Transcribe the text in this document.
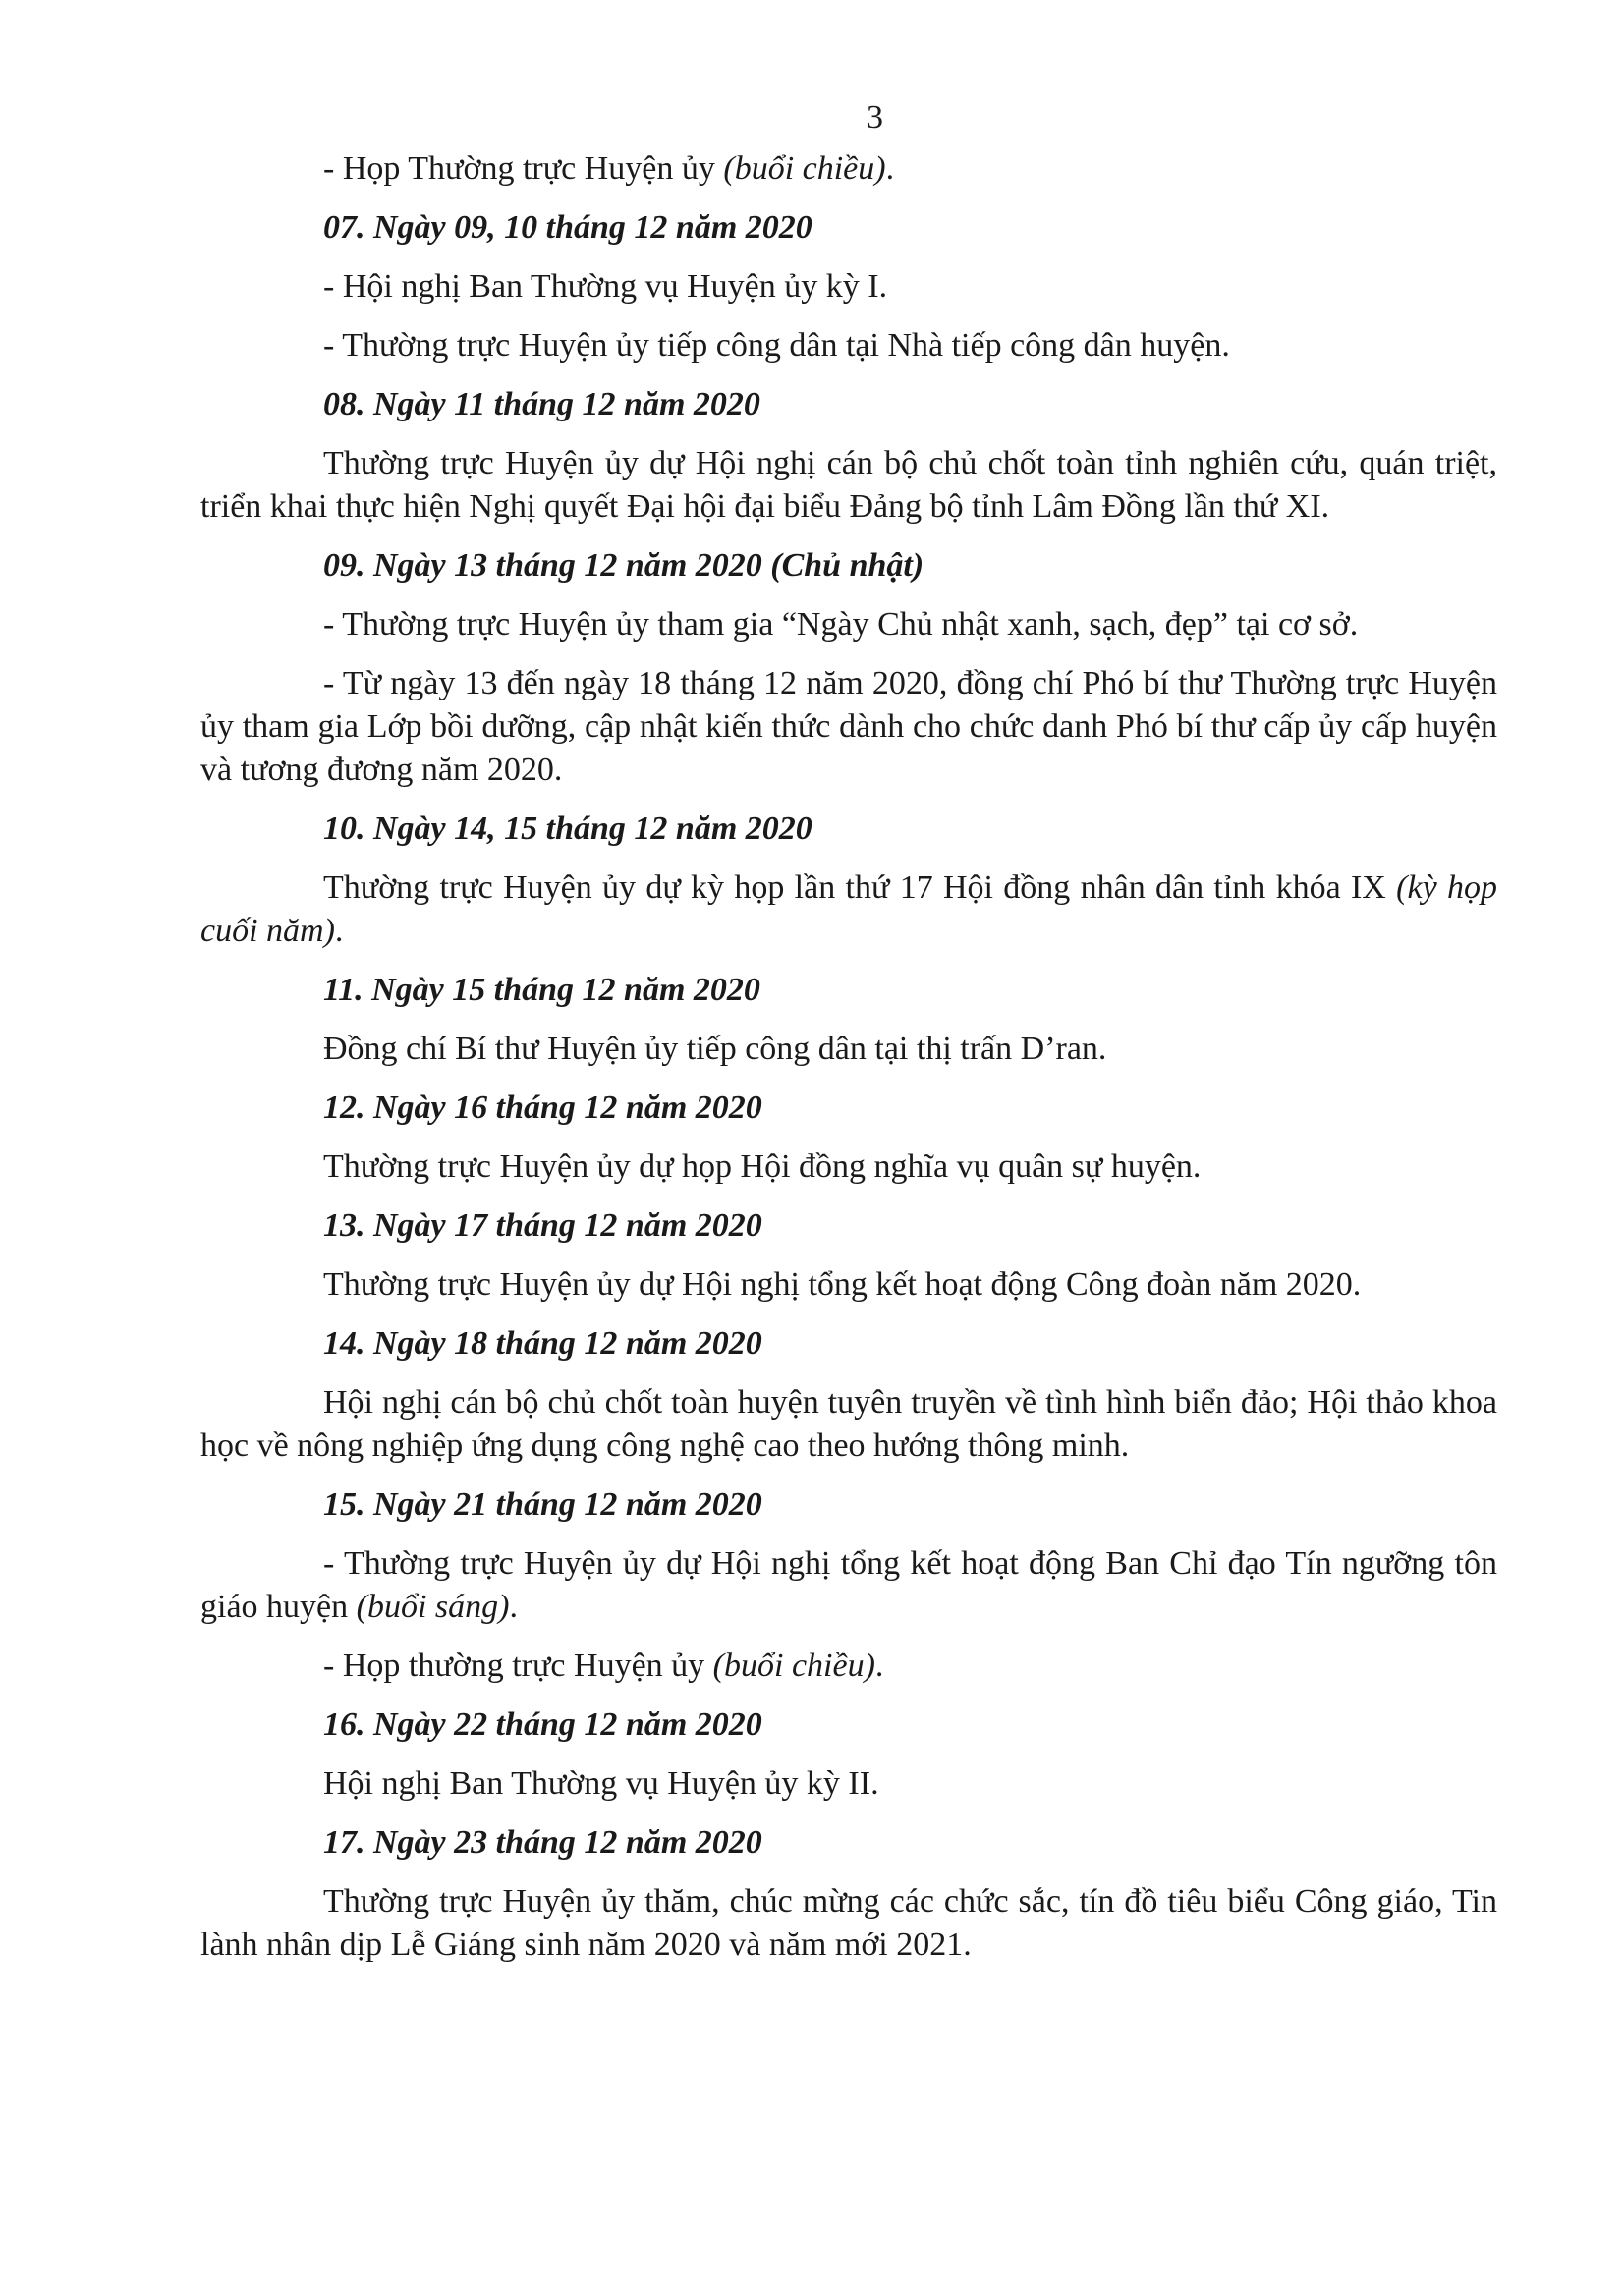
3

- Họp Thường trực Huyện ủy (buổi chiều).

07. Ngày 09, 10 tháng 12 năm 2020

- Hội nghị Ban Thường vụ Huyện ủy kỳ I.

- Thường trực Huyện ủy tiếp công dân tại Nhà tiếp công dân huyện.

08. Ngày 11 tháng 12 năm 2020

Thường trực Huyện ủy dự Hội nghị cán bộ chủ chốt toàn tỉnh nghiên cứu, quán triệt, triển khai thực hiện Nghị quyết Đại hội đại biểu Đảng bộ tỉnh Lâm Đồng lần thứ XI.

09. Ngày 13 tháng 12 năm 2020 (Chủ nhật)

- Thường trực Huyện ủy tham gia “Ngày Chủ nhật xanh, sạch, đẹp” tại cơ sở.

- Từ ngày 13 đến ngày 18 tháng 12 năm 2020, đồng chí Phó bí thư Thường trực Huyện ủy tham gia Lớp bồi dưỡng, cập nhật kiến thức dành cho chức danh Phó bí thư cấp ủy cấp huyện và tương đương năm 2020.

10. Ngày 14, 15 tháng 12 năm 2020

Thường trực Huyện ủy dự kỳ họp lần thứ 17 Hội đồng nhân dân tỉnh khóa IX (kỳ họp cuối năm).

11. Ngày 15 tháng 12 năm 2020

Đồng chí Bí thư Huyện ủy tiếp công dân tại thị trấn D’ran.

12. Ngày 16 tháng 12 năm 2020

Thường trực Huyện ủy dự họp Hội đồng nghĩa vụ quân sự huyện.

13. Ngày 17 tháng 12 năm 2020

Thường trực Huyện ủy dự Hội nghị tổng kết hoạt động Công đoàn năm 2020.

14. Ngày 18 tháng 12 năm 2020

Hội nghị cán bộ chủ chốt toàn huyện tuyên truyền về tình hình biển đảo; Hội thảo khoa học về nông nghiệp ứng dụng công nghệ cao theo hướng thông minh.

15. Ngày 21 tháng 12 năm 2020

- Thường trực Huyện ủy dự Hội nghị tổng kết hoạt động Ban Chỉ đạo Tín ngưỡng tôn giáo huyện (buổi sáng).

- Họp thường trực Huyện ủy (buổi chiều).

16. Ngày 22 tháng 12 năm 2020

Hội nghị Ban Thường vụ Huyện ủy kỳ II.

17. Ngày 23 tháng 12 năm 2020

Thường trực Huyện ủy thăm, chúc mừng các chức sắc, tín đồ tiêu biểu Công giáo, Tin lành nhân dịp Lễ Giáng sinh năm 2020 và năm mới 2021.
